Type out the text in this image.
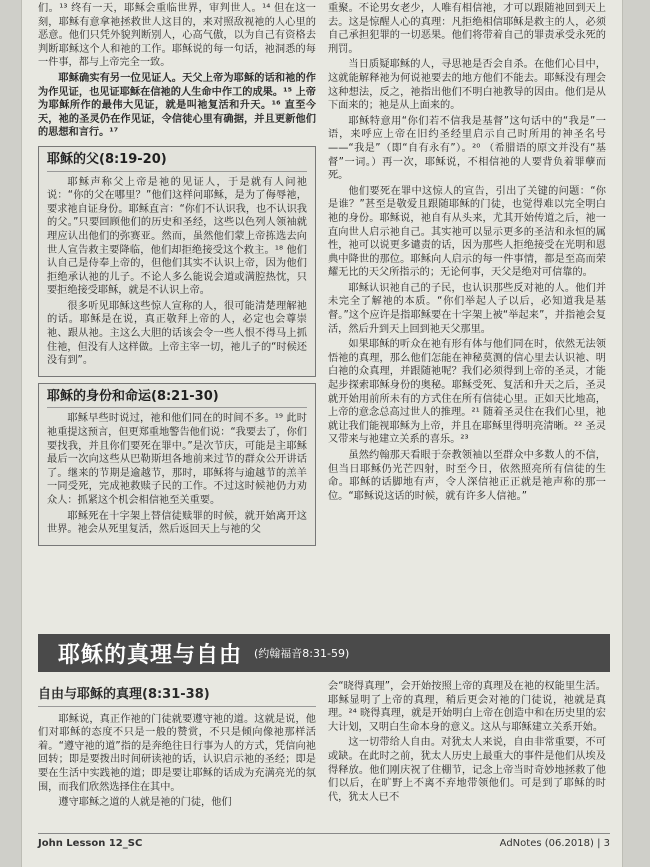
们。¹³ 终有一天，耶稣会重临世界，审判世人。¹⁴ 但在这一刻，耶稣有意拿祂拯救世人这目的，来对照敌视祂的人心里的恶意。他们只凭外貌判断别人，心高气傲，以为自己有资格去判断耶稣这个人和祂的工作。耶稣说的每一句话，祂洞悉的每一件事，都与上帝完全一致。

耶稣确实有另一位见证人。天父上帝为耶稣的话和祂的作为作见证，也见证耶稣在信祂的人生命中作工的成果。¹⁵ 上帝为耶稣所作的最伟大见证，就是叫祂复活和升天。¹⁶ 直至今天，祂的圣灵仍在作见证，令信徒心里有确据，并且更新他们的思想和言行。¹⁷

耶稣的父(8:19-20)

耶稣声称父上帝是祂的见证人，于是就有人问祂说：“你的父在哪里？”他们这样问耶稣，是为了侮辱祂，要求祂自证身份。耶稣直言：“你们不认识我，也不认识我的父。”只要回顾他们的历史和圣经，这些以色列人领袖就理应认出他们的弥赛亚。然而，虽然他们蒙上帝拣选去向世人宣告救主要降临，他们却拒绝接受这个救主。¹⁸ 他们认自己是侍奉上帝的，但他们其实不认识上帝，因为他们拒绝承认祂的儿子。不论人多么能说会道或满腔热忱，只要拒绝接受耶稣，就是不认识上帝。

很多听见耶稣这些惊人宣称的人，很可能清楚理解祂的话。耶稣是在说，真正敬拜上帝的人，必定也会尊崇祂、跟从祂。主这么大胆的话该会令一些人恨不得马上抓住祂，但没有人这样做。上帝主宰一切，祂儿子的“时候还没有到”。

耶稣的身份和命运(8:21-30)

耶稣早些时说过，祂和他们同在的时间不多。¹⁹ 此时祂重提这预言，但更郑重地警告他们说：“我要去了，你们要找我，并且你们要死在罪中。”是次节庆，可能是主耶稣最后一次向这些从巴勒斯坦各地前来过节的群众公开讲话了。继来的节期是逾越节，那时，耶稣将与逾越节的羔羊一同受死，完成祂救赎子民的工作。不过这时候祂仍力劝众人：抓紧这个机会相信祂至关重要。

耶稣死在十字架上替信徒赎罪的时候，就开始离开这世界。祂会从死里复活，然后返回天上与祂的父

重聚。不论男女老少，人唯有相信祂，才可以跟随祂回到天上去。这是惊醒人心的真理：凡拒绝相信耶稣是救主的人，必须自己承担犯罪的一切恶果。他们将带着自己的罪责承受永死的刑罚。

当日质疑耶稣的人，寻思祂是否会自杀。在他们心目中，这就能解释祂为何说祂要去的地方他们不能去。耶稣没有理会这种想法，反之，祂指出他们不明白祂教导的因由。他们是从下面来的；祂是从上面来的。

耶稣特意用“你们若不信我是基督”这句话中的“我是”一语，来呼应上帝在旧约圣经里启示自己时所用的神圣名号——“我是”（即“自有永有”）。²⁰ （希腊语的原文并没有“基督”一词。）再一次，耶稣说，不相信祂的人要背负着罪孽而死。

他们要死在罪中这惊人的宣告，引出了关键的问题：“你是谁？”甚至是敬爱且跟随耶稣的门徒，也觉得难以完全明白祂的身份。耶稣说，祂自有从头来，尤其开始传道之后，祂一直向世人启示祂自己。其实祂可以显示更多的圣洁和永恒的属性，祂可以说更多谴责的话，因为那些人拒绝接受在光明和恩典中降世的那位。耶稣向人启示的每一件事情，都是至高而荣耀无比的天父所指示的；无论何事，天父是绝对可信靠的。

耶稣认识祂自己的子民，也认识那些反对祂的人。他们并未完全了解祂的本质。“你们举起人子以后，必知道我是基督。”这个应许是指耶稣要在十字架上被“举起来”，并指祂会复活，然后升到天上回到祂天父那里。

如果耶稣的听众在祂有形有体与他们同在时，依然无法领悟祂的真理，那么他们怎能在神秘莫测的信心里去认识祂、明白祂的众真理，并跟随祂呢？我们必须得到上帝的圣灵，才能起步探索耶稣身份的奥秘。耶稣受死、复活和升天之后，圣灵就开始用前所未有的方式住在所有信徒心里。正如天比地高，上帝的意念总高过世人的推理。²¹ 随着圣灵住在我们心里，祂就让我们能视耶稣为上帝，并且在耶稣里得明亮清晰。²² 圣灵又带来与祂建立关系的喜乐。²³

虽然约翰那天看眼于奈教领袖以至群众中多数人的不信，但当日耶稣仍光芒四射，时至今日，依然照亮所有信徒的生命。耶稣的话脚地有声，令人深信祂正正就是祂声称的那一位。“耶稣说这话的时候，就有许多人信祂。”

耶稣的真理与自由 (约翰福音8:31-59)
自由与耶稣的真理(8:31-38)

耶稣说，真正作祂的门徒就要遵守祂的道。这就是说，他们对耶稣的态度不只是一般的赞赏，不只是倾向像祂那样活着。“遵守祂的道”指的是奔绝往日行事为人的方式，凭信向祂回转；即是要拨出时间研读祂的话，认识启示祂的圣经；即是要在生活中实践祂的道；即是要让耶稣的话成为充满亮光的氛围，而我们欣然选择住在其中。

遵守耶稣之道的人就是祂的门徒，他们

会“晓得真理”，会开始按照上帝的真理及在祂的权能里生活。耶稣显明了上帝的真理，稍后更会对祂的门徒说，祂就是真理。²⁴ 晓得真理，就是开始明白上帝在创造中和在历史里的宏大计划，又明白生命本身的意义。这从与耶稣建立关系开始。

这一切带给人自由。对犹太人来说，自由非常重要，不可或缺。在此时之前，犹太人历史上最重大的事件是他们从埃及得释放。他们刚庆祝了住棚节，记念上帝当时奇妙地拯救了他们以后，在旷野上不离不弃地带领他们。可是到了耶稣的时代，犹太人已不

John Lesson 12_SC	AdNotes (06.2018) | 3
